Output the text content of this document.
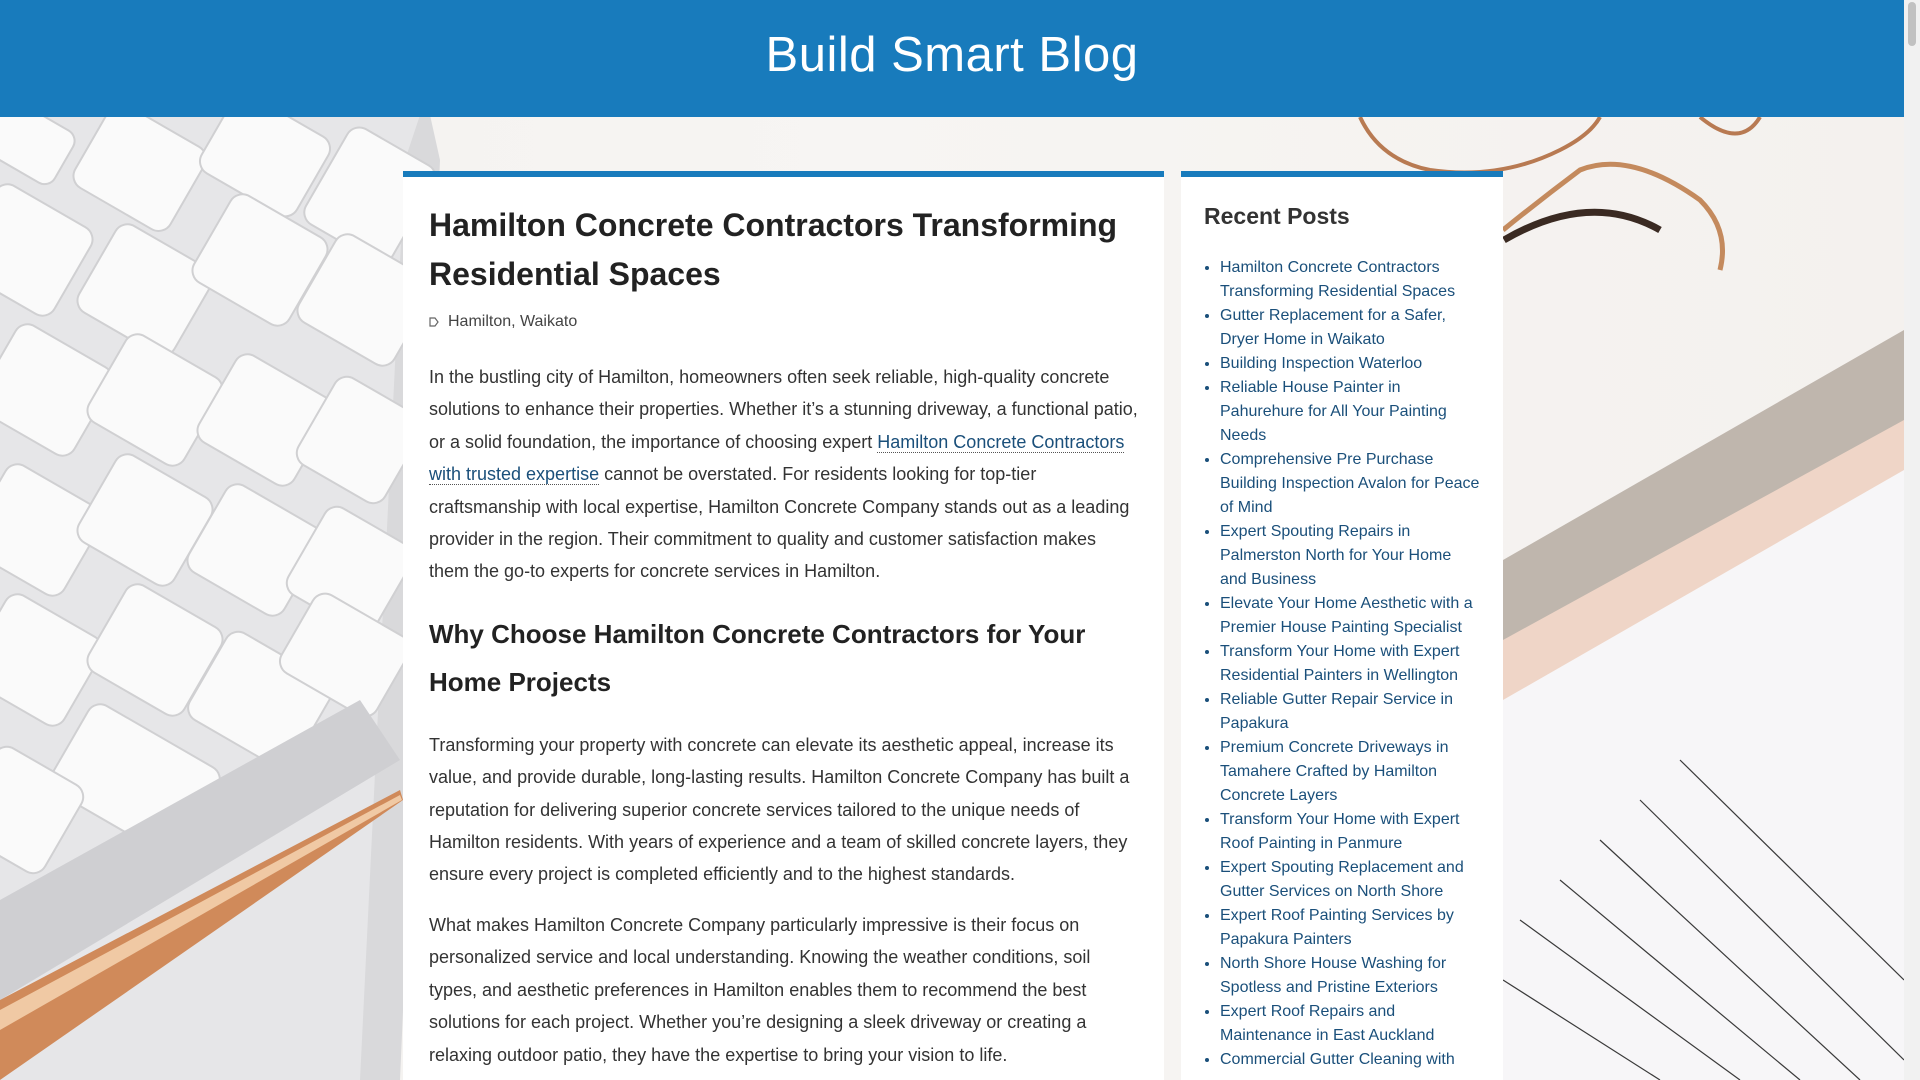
Build Smart Blog
Hamilton Concrete Contractors Transforming Residential Spaces
Hamilton, Waikato

In the bustling city of Hamilton, homeowners often seek reliable, high-quality concrete solutions to enhance their properties. Whether it’s a stunning driveway, a functional patio, or a solid foundation, the importance of choosing expert Hamilton Concrete Contractors with trusted expertise cannot be overstated. For residents looking for top-tier craftsmanship with local expertise, Hamilton Concrete Company stands out as a leading provider in the region. Their commitment to quality and customer satisfaction makes them the go-to experts for concrete services in Hamilton.

Why Choose Hamilton Concrete Contractors for Your Home Projects

Transforming your property with concrete can elevate its aesthetic appeal, increase its value, and provide durable, long-lasting results. Hamilton Concrete Company has built a reputation for delivering superior concrete services tailored to the unique needs of Hamilton residents. With years of experience and a team of skilled concrete layers, they ensure every project is completed efficiently and to the highest standards.

What makes Hamilton Concrete Company particularly impressive is their focus on personalized service and local understanding. Knowing the weather conditions, soil types, and aesthetic preferences in Hamilton enables them to recommend the best solutions for each project. Whether you’re designing a sleek driveway or creating a relaxing outdoor patio, they have the expertise to bring your vision to life.

Recent Posts
• Hamilton Concrete Contractors Transforming Residential Spaces
• Gutter Replacement for a Safer, Dryer Home in Waikato
• Building Inspection Waterloo
• Reliable House Painter in Pahurehure for All Your Painting Needs
• Comprehensive Pre Purchase Building Inspection Avalon for Peace of Mind
• Expert Spouting Repairs in Palmerston North for Your Home and Business
• Elevate Your Home Aesthetic with a Premier House Painting Specialist
• Transform Your Home with Expert Residential Painters in Wellington
• Reliable Gutter Repair Service in Papakura
• Premium Concrete Driveways in Tamahere Crafted by Hamilton Concrete Layers
• Transform Your Home with Expert Roof Painting in Panmure
• Expert Spouting Replacement and Gutter Services on North Shore
• Expert Roof Painting Services by Papakura Painters
• North Shore House Washing for Spotless and Pristine Exteriors
• Expert Roof Repairs and Maintenance in East Auckland
• Commercial Gutter Cleaning with
